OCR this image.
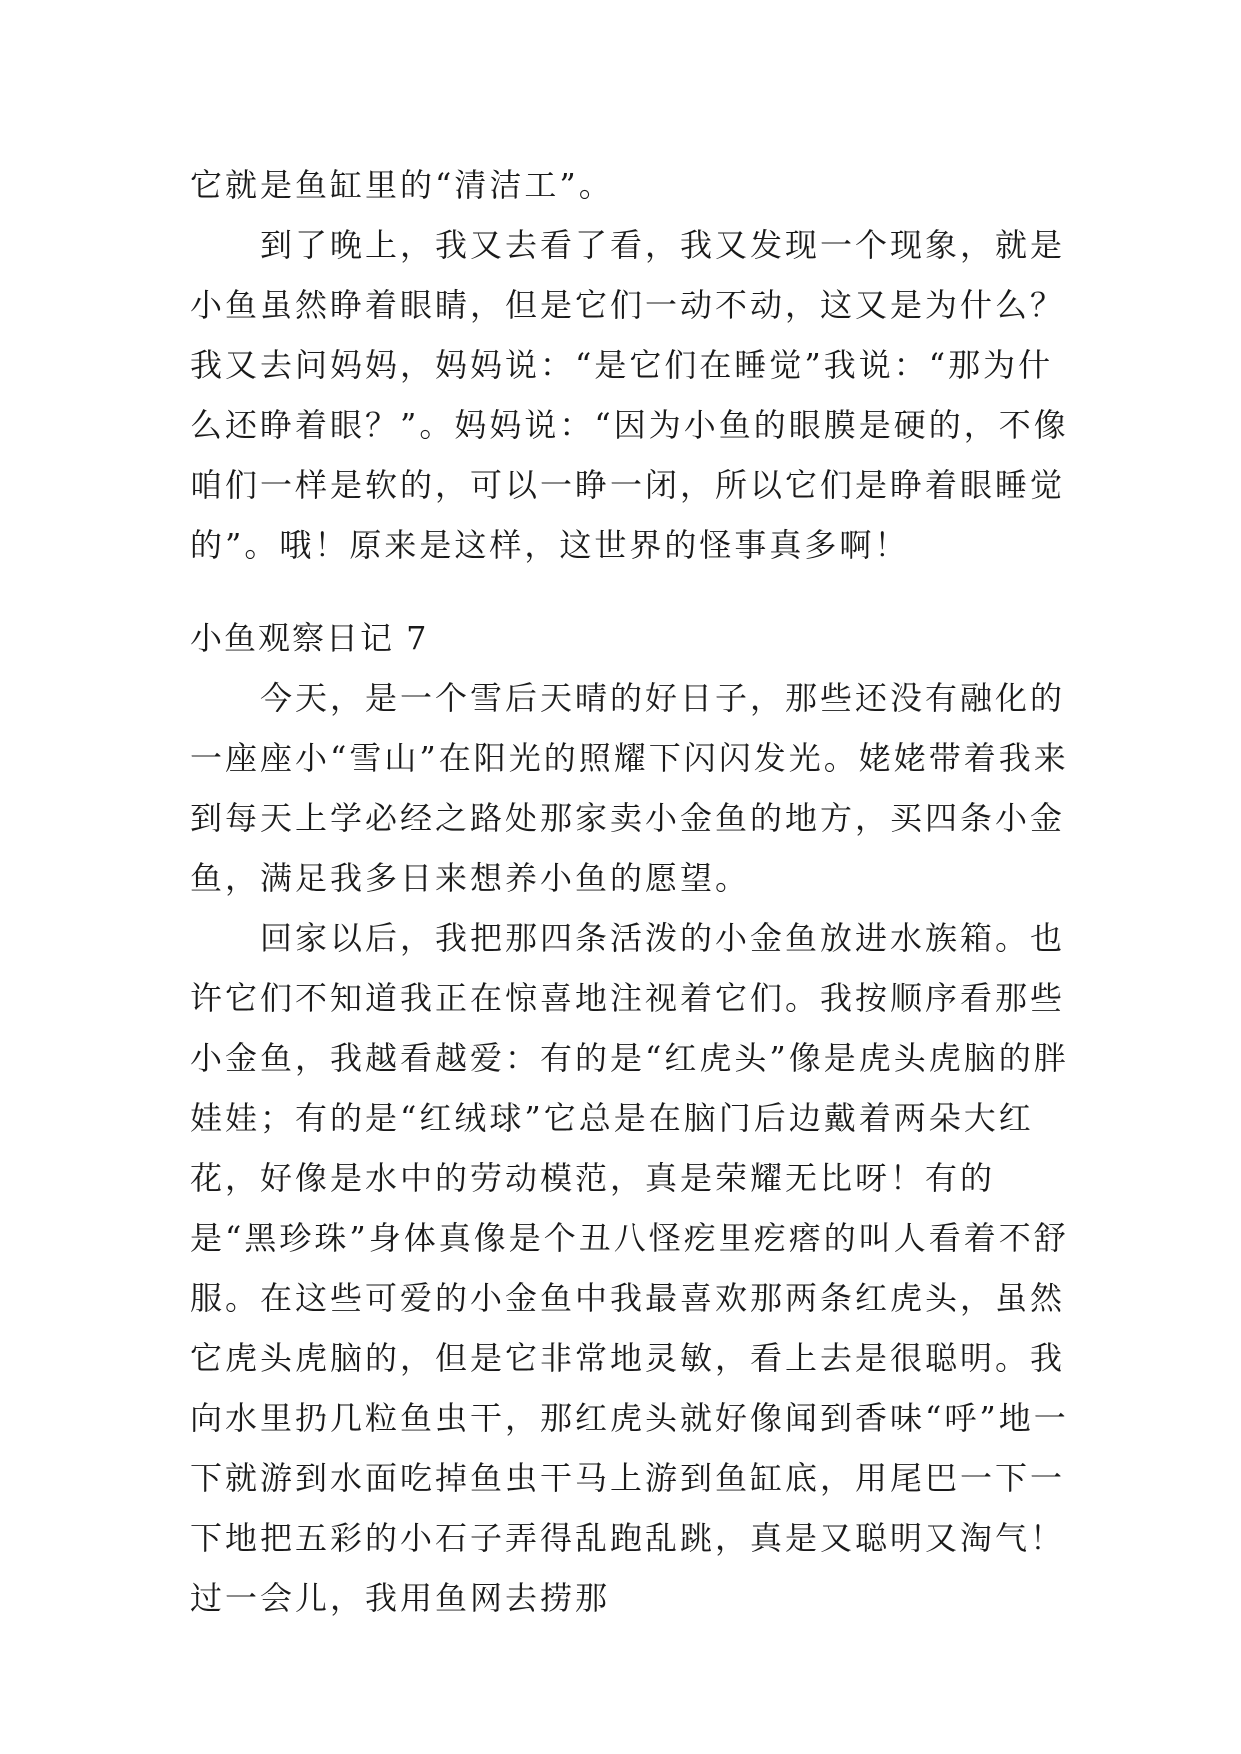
它就是鱼缸里的“清洁工”。

到了晚上，我又去看了看，我又发现一个现象，就是小鱼虽然睁着眼睛，但是它们一动不动，这又是为什么？我又去问妈妈，妈妈说：“是它们在睡觉”我说：“那为什么还睁着眼？”。妈妈说：“因为小鱼的眼膜是硬的，不像咱们一样是软的，可以一睁一闭，所以它们是睁着眼睡觉的”。哦！原来是这样，这世界的怪事真多啊！

小鱼观察日记 7

今天，是一个雪后天晴的好日子，那些还没有融化的一座座小“雪山”在阳光的照耀下闪闪发光。姥姥带着我来到每天上学必经之路处那家卖小金鱼的地方，买四条小金鱼，满足我多日来想养小鱼的愿望。

回家以后，我把那四条活泼的小金鱼放进水族箱。也许它们不知道我正在惊喜地注视着它们。我按顺序看那些小金鱼，我越看越爱：有的是“红虎头”像是虎头虎脑的胖娃娃；有的是“红绒球”它总是在脑门后边戴着两朵大红花，好像是水中的劳动模范，真是荣耀无比呀！有的是“黑珍珠”身体真像是个丑八怪疙里疙瘩的叫人看着不舒服。在这些可爱的小金鱼中我最喜欢那两条红虎头，虽然它虎头虎脑的，但是它非常地灵敏，看上去是很聪明。我向水里扔几粒鱼虫干，那红虎头就好像闻到香味“呼”地一下就游到水面吃掉鱼虫干马上游到鱼缸底，用尾巴一下一下地把五彩的小石子弄得乱跑乱跳，真是又聪明又淘气！过一会儿，我用鱼网去捞那
